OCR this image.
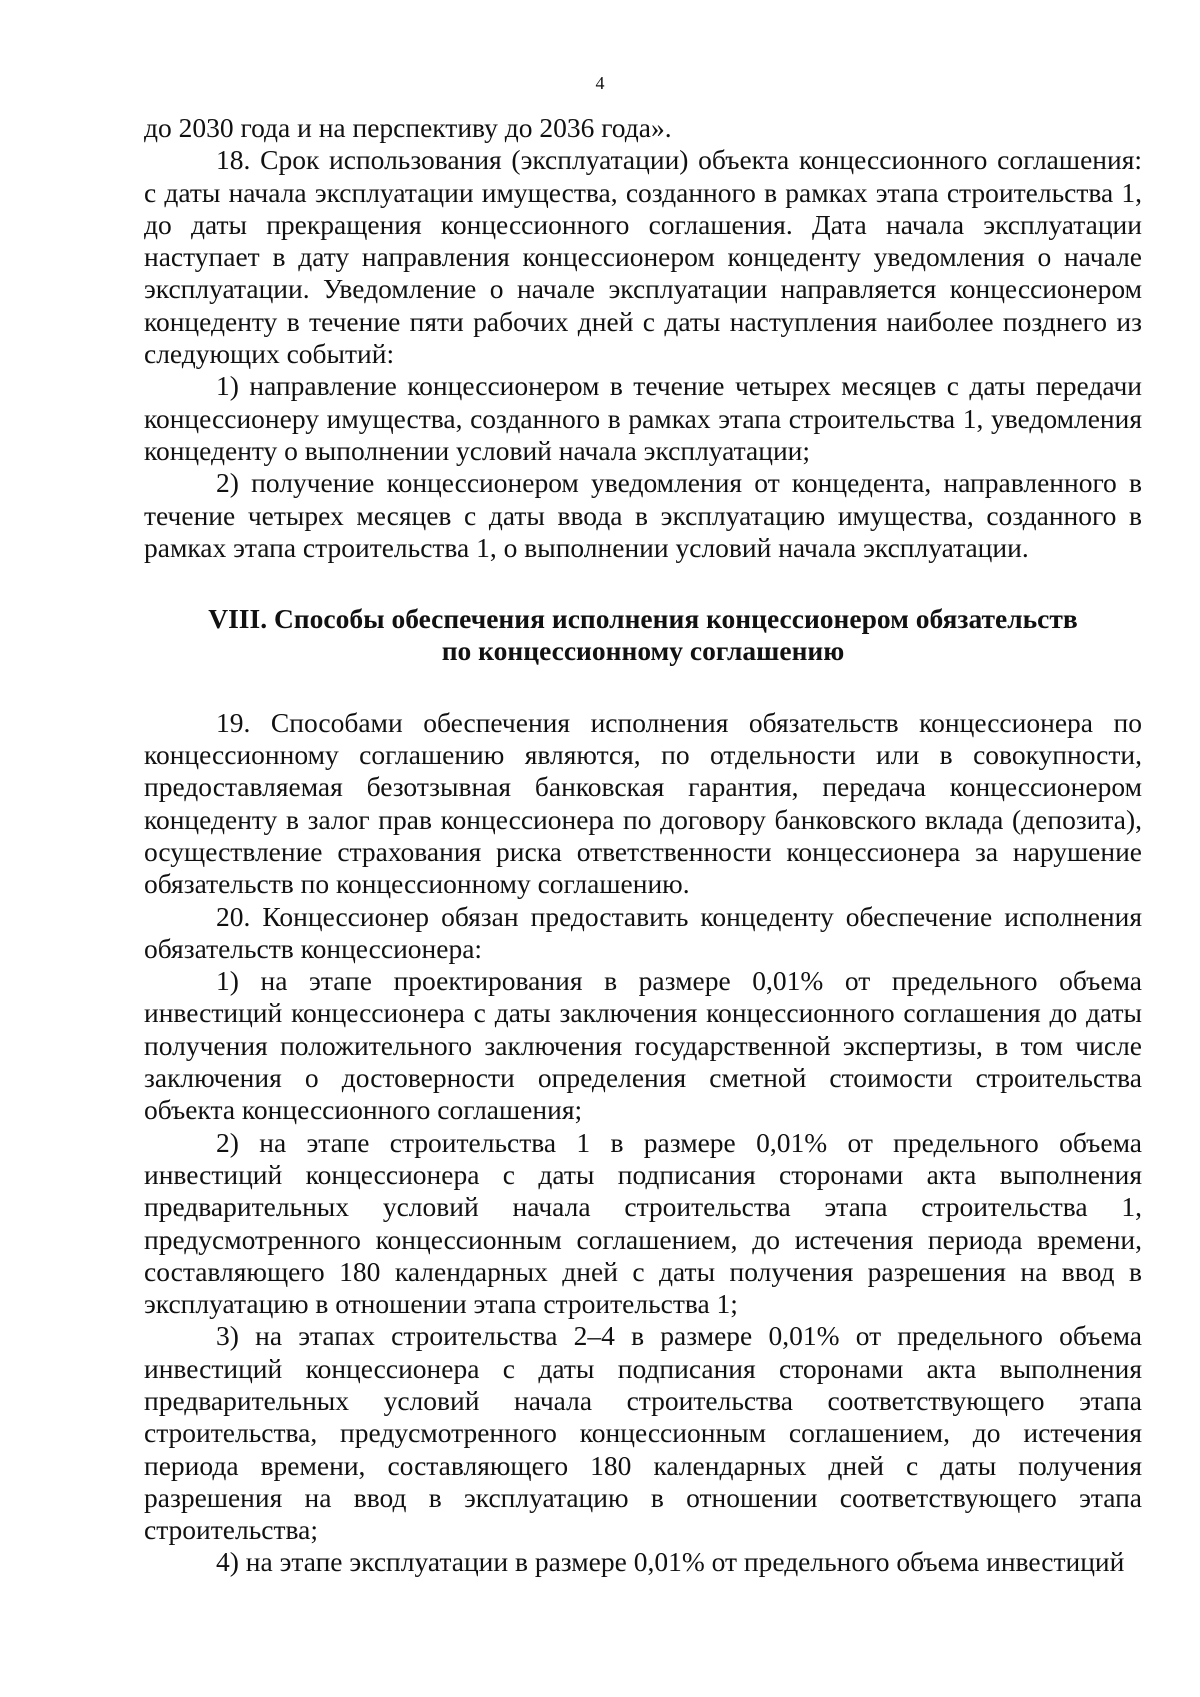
4

до 2030 года и на перспективу до 2036 года».

18. Срок использования (эксплуатации) объекта концессионного соглашения: с даты начала эксплуатации имущества, созданного в рамках этапа строительства 1, до даты прекращения концессионного соглашения. Дата начала эксплуатации наступает в дату направления концессионером концеденту уведомления о начале эксплуатации. Уведомление о начале эксплуатации направляется концессионером концеденту в течение пяти рабочих дней с даты наступления наиболее позднего из следующих событий:

1) направление концессионером в течение четырех месяцев с даты передачи концессионеру имущества, созданного в рамках этапа строительства 1, уведомления концеденту о выполнении условий начала эксплуатации;

2) получение концессионером уведомления от концедента, направленного в течение четырех месяцев с даты ввода в эксплуатацию имущества, созданного в рамках этапа строительства 1, о выполнении условий начала эксплуатации.

VIII. Способы обеспечения исполнения концессионером обязательств
по концессионному соглашению

19. Способами обеспечения исполнения обязательств концессионера по концессионному соглашению являются, по отдельности или в совокупности, предоставляемая безотзывная банковская гарантия, передача концессионером концеденту в залог прав концессионера по договору банковского вклада (депозита), осуществление страхования риска ответственности концессионера за нарушение обязательств по концессионному соглашению.

20. Концессионер обязан предоставить концеденту обеспечение исполнения обязательств концессионера:

1) на этапе проектирования в размере 0,01% от предельного объема инвестиций концессионера с даты заключения концессионного соглашения до даты получения положительного заключения государственной экспертизы, в том числе заключения о достоверности определения сметной стоимости строительства объекта концессионного соглашения;

2) на этапе строительства 1 в размере 0,01% от предельного объема инвестиций концессионера с даты подписания сторонами акта выполнения предварительных условий начала строительства этапа строительства 1, предусмотренного концессионным соглашением, до истечения периода времени, составляющего 180 календарных дней с даты получения разрешения на ввод в эксплуатацию в отношении этапа строительства 1;

3) на этапах строительства 2–4 в размере 0,01% от предельного объема инвестиций концессионера с даты подписания сторонами акта выполнения предварительных условий начала строительства соответствующего этапа строительства, предусмотренного концессионным соглашением, до истечения периода времени, составляющего 180 календарных дней с даты получения разрешения на ввод в эксплуатацию в отношении соответствующего этапа строительства;

4) на этапе эксплуатации в размере 0,01% от предельного объема инвестиций
